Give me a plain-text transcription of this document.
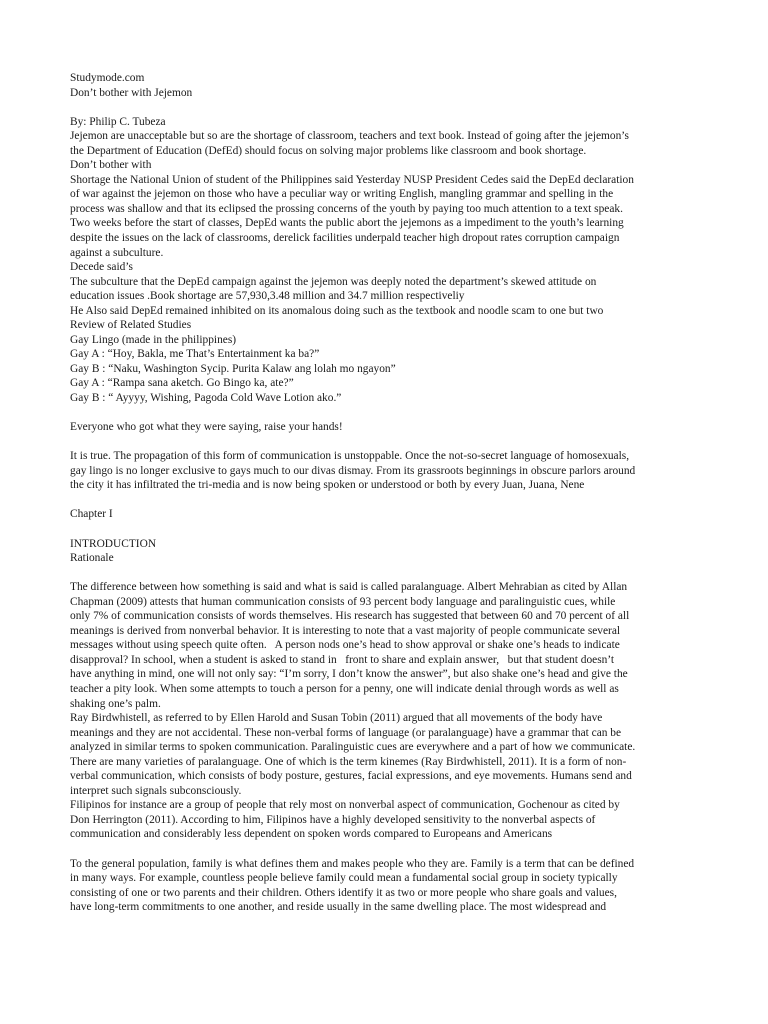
Studymode.com
Don’t bother with Jejemon
By: Philip C. Tubeza
Jejemon are unacceptable but so are the shortage of classroom, teachers and text book. Instead of going after the jejemon’s
the Department of Education (DefEd) should focus on solving major problems like classroom and book shortage.
Don’t bother with
Shortage the National Union of student of the Philippines said Yesterday NUSP President Cedes said the DepEd declaration
of war against the jejemon on those who have a peculiar way or writing English, mangling grammar and spelling in the
process was shallow and that its eclipsed the prossing concerns of the youth by paying too much attention to a text speak.
Two weeks before the start of classes, DepEd wants the public abort the jejemons as a impediment to the youth’s learning
despite the issues on the lack of classrooms, derelick facilities underpald teacher high dropout rates corruption campaign
against a subculture.
Decede said’s
The subculture that the DepEd campaign against the jejemon was deeply noted the department’s skewed attitude on
education issues .Book shortage are 57,930,3.48 million and 34.7 million respectiveliy
He Also said DepEd remained inhibited on its anomalous doing such as the textbook and noodle scam to one but two
Review of Related Studies
Gay Lingo (made in the philippines)
Gay A : “Hoy, Bakla, me That’s Entertainment ka ba?”
Gay B : “Naku, Washington Sycip. Purita Kalaw ang lolah mo ngayon”
Gay A : “Rampa sana aketch. Go Bingo ka, ate?”
Gay B : “ Ayyyy, Wishing, Pagoda Cold Wave Lotion ako.”
Everyone who got what they were saying, raise your hands!
It is true. The propagation of this form of communication is unstoppable. Once the not-so-secret language of homosexuals,
gay lingo is no longer exclusive to gays much to our divas dismay. From its grassroots beginnings in obscure parlors around
the city it has infiltrated the tri-media and is now being spoken or understood or both by every Juan, Juana, Nene
Chapter I
INTRODUCTION
Rationale
The difference between how something is said and what is said is called paralanguage. Albert Mehrabian as cited by Allan
Chapman (2009) attests that human communication consists of 93 percent body language and paralinguistic cues, while
only 7% of communication consists of words themselves. His research has suggested that between 60 and 70 percent of all
meanings is derived from nonverbal behavior. It is interesting to note that a vast majority of people communicate several
messages without using speech quite often.   A person nods one’s head to show approval or shake one’s heads to indicate
disapproval? In school, when a student is asked to stand in   front to share and explain answer,   but that student doesn’t
have anything in mind, one will not only say: “I’m sorry, I don’t know the answer”, but also shake one’s head and give the
teacher a pity look. When some attempts to touch a person for a penny, one will indicate denial through words as well as
shaking one’s palm.
Ray Birdwhistell, as referred to by Ellen Harold and Susan Tobin (2011) argued that all movements of the body have
meanings and they are not accidental. These non-verbal forms of language (or paralanguage) have a grammar that can be
analyzed in similar terms to spoken communication. Paralinguistic cues are everywhere and a part of how we communicate.
There are many varieties of paralanguage. One of which is the term kinemes (Ray Birdwhistell, 2011). It is a form of non-
verbal communication, which consists of body posture, gestures, facial expressions, and eye movements. Humans send and
interpret such signals subconsciously.
Filipinos for instance are a group of people that rely most on nonverbal aspect of communication, Gochenour as cited by
Don Herrington (2011). According to him, Filipinos have a highly developed sensitivity to the nonverbal aspects of
communication and considerably less dependent on spoken words compared to Europeans and Americans
To the general population, family is what defines them and makes people who they are. Family is a term that can be defined
in many ways. For example, countless people believe family could mean a fundamental social group in society typically
consisting of one or two parents and their children. Others identify it as two or more people who share goals and values,
have long-term commitments to one another, and reside usually in the same dwelling place. The most widespread and
